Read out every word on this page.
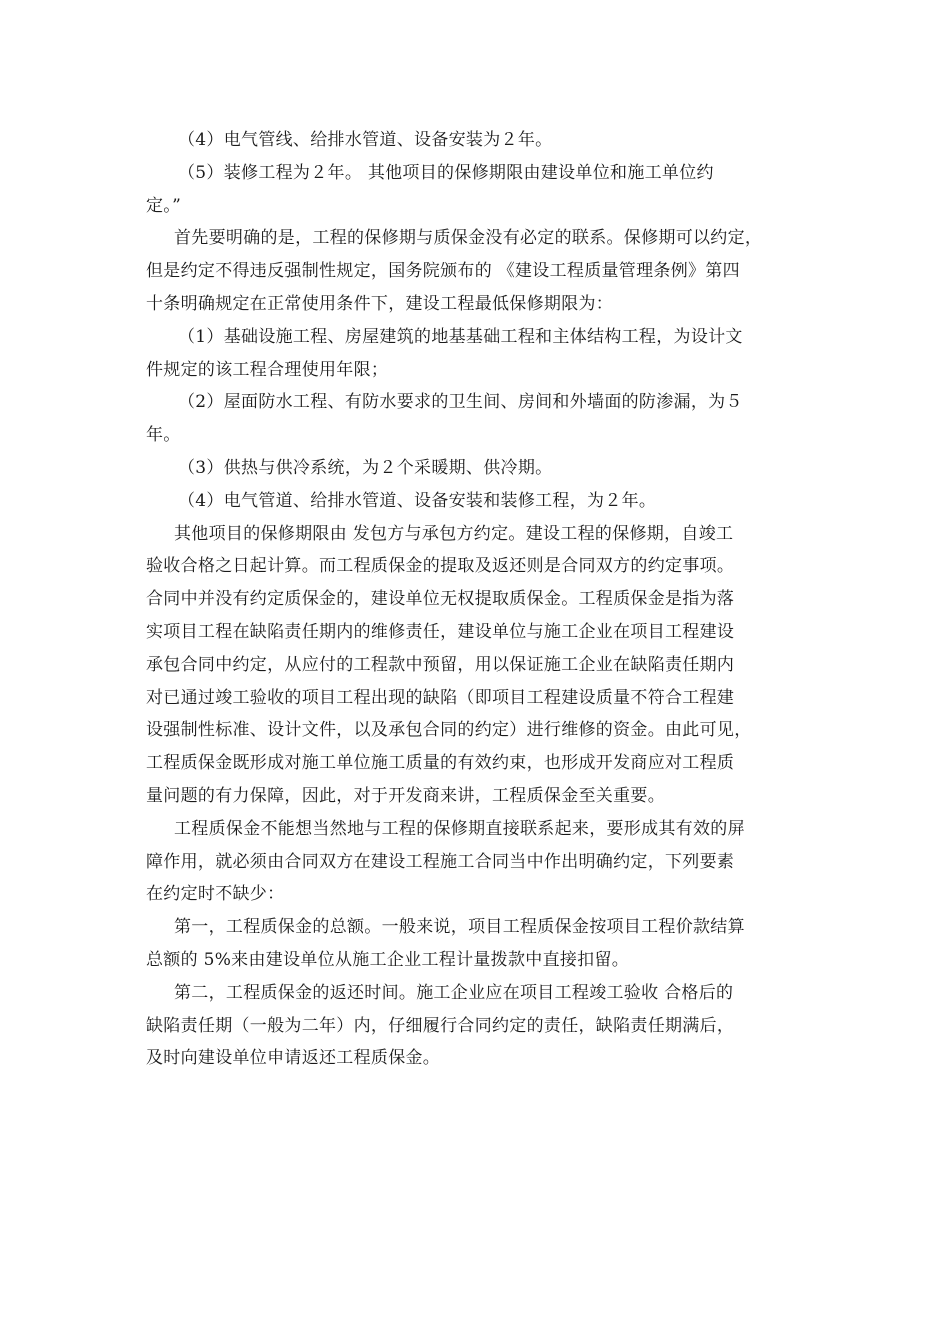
（4）电气管线、给排水管道、设备安装为２年。
（5）装修工程为２年。 其他项目的保修期限由建设单位和施工单位约
定。”
首先要明确的是，工程的保修期与质保金没有必定的联系。保修期可以约定，
但是约定不得违反强制性规定，国务院颁布的 《建设工程质量管理条例》第四
十条明确规定在正常使用条件下，建设工程最低保修期限为：
（1）基础设施工程、房屋建筑的地基基础工程和主体结构工程，为设计文
件规定的该工程合理使用年限；
（2）屋面防水工程、有防水要求的卫生间、房间和外墙面的防渗漏，为５
年。
（3）供热与供冷系统，为２个采暖期、供冷期。
（4）电气管道、给排水管道、设备安装和装修工程，为２年。
其他项目的保修期限由 发包方与承包方约定。建设工程的保修期，自竣工
验收合格之日起计算。而工程质保金的提取及返还则是合同双方的约定事项。
合同中并没有约定质保金的，建设单位无权提取质保金。工程质保金是指为落
实项目工程在缺陷责任期内的维修责任，建设单位与施工企业在项目工程建设
承包合同中约定，从应付的工程款中预留，用以保证施工企业在缺陷责任期内
对已通过竣工验收的项目工程出现的缺陷（即项目工程建设质量不符合工程建
设强制性标准、设计文件，以及承包合同的约定）进行维修的资金。由此可见，
工程质保金既形成对施工单位施工质量的有效约束，也形成开发商应对工程质
量问题的有力保障，因此，对于开发商来讲，工程质保金至关重要。
工程质保金不能想当然地与工程的保修期直接联系起来，要形成其有效的屏
障作用，就必须由合同双方在建设工程施工合同当中作出明确约定，下列要素
在约定时不缺少：
第一，工程质保金的总额。一般来说，项目工程质保金按项目工程价款结算
总额的 5%来由建设单位从施工企业工程计量拨款中直接扣留。
第二，工程质保金的返还时间。施工企业应在项目工程竣工验收 合格后的
缺陷责任期（一般为二年）内，仔细履行合同约定的责任，缺陷责任期满后，
及时向建设单位申请返还工程质保金。
